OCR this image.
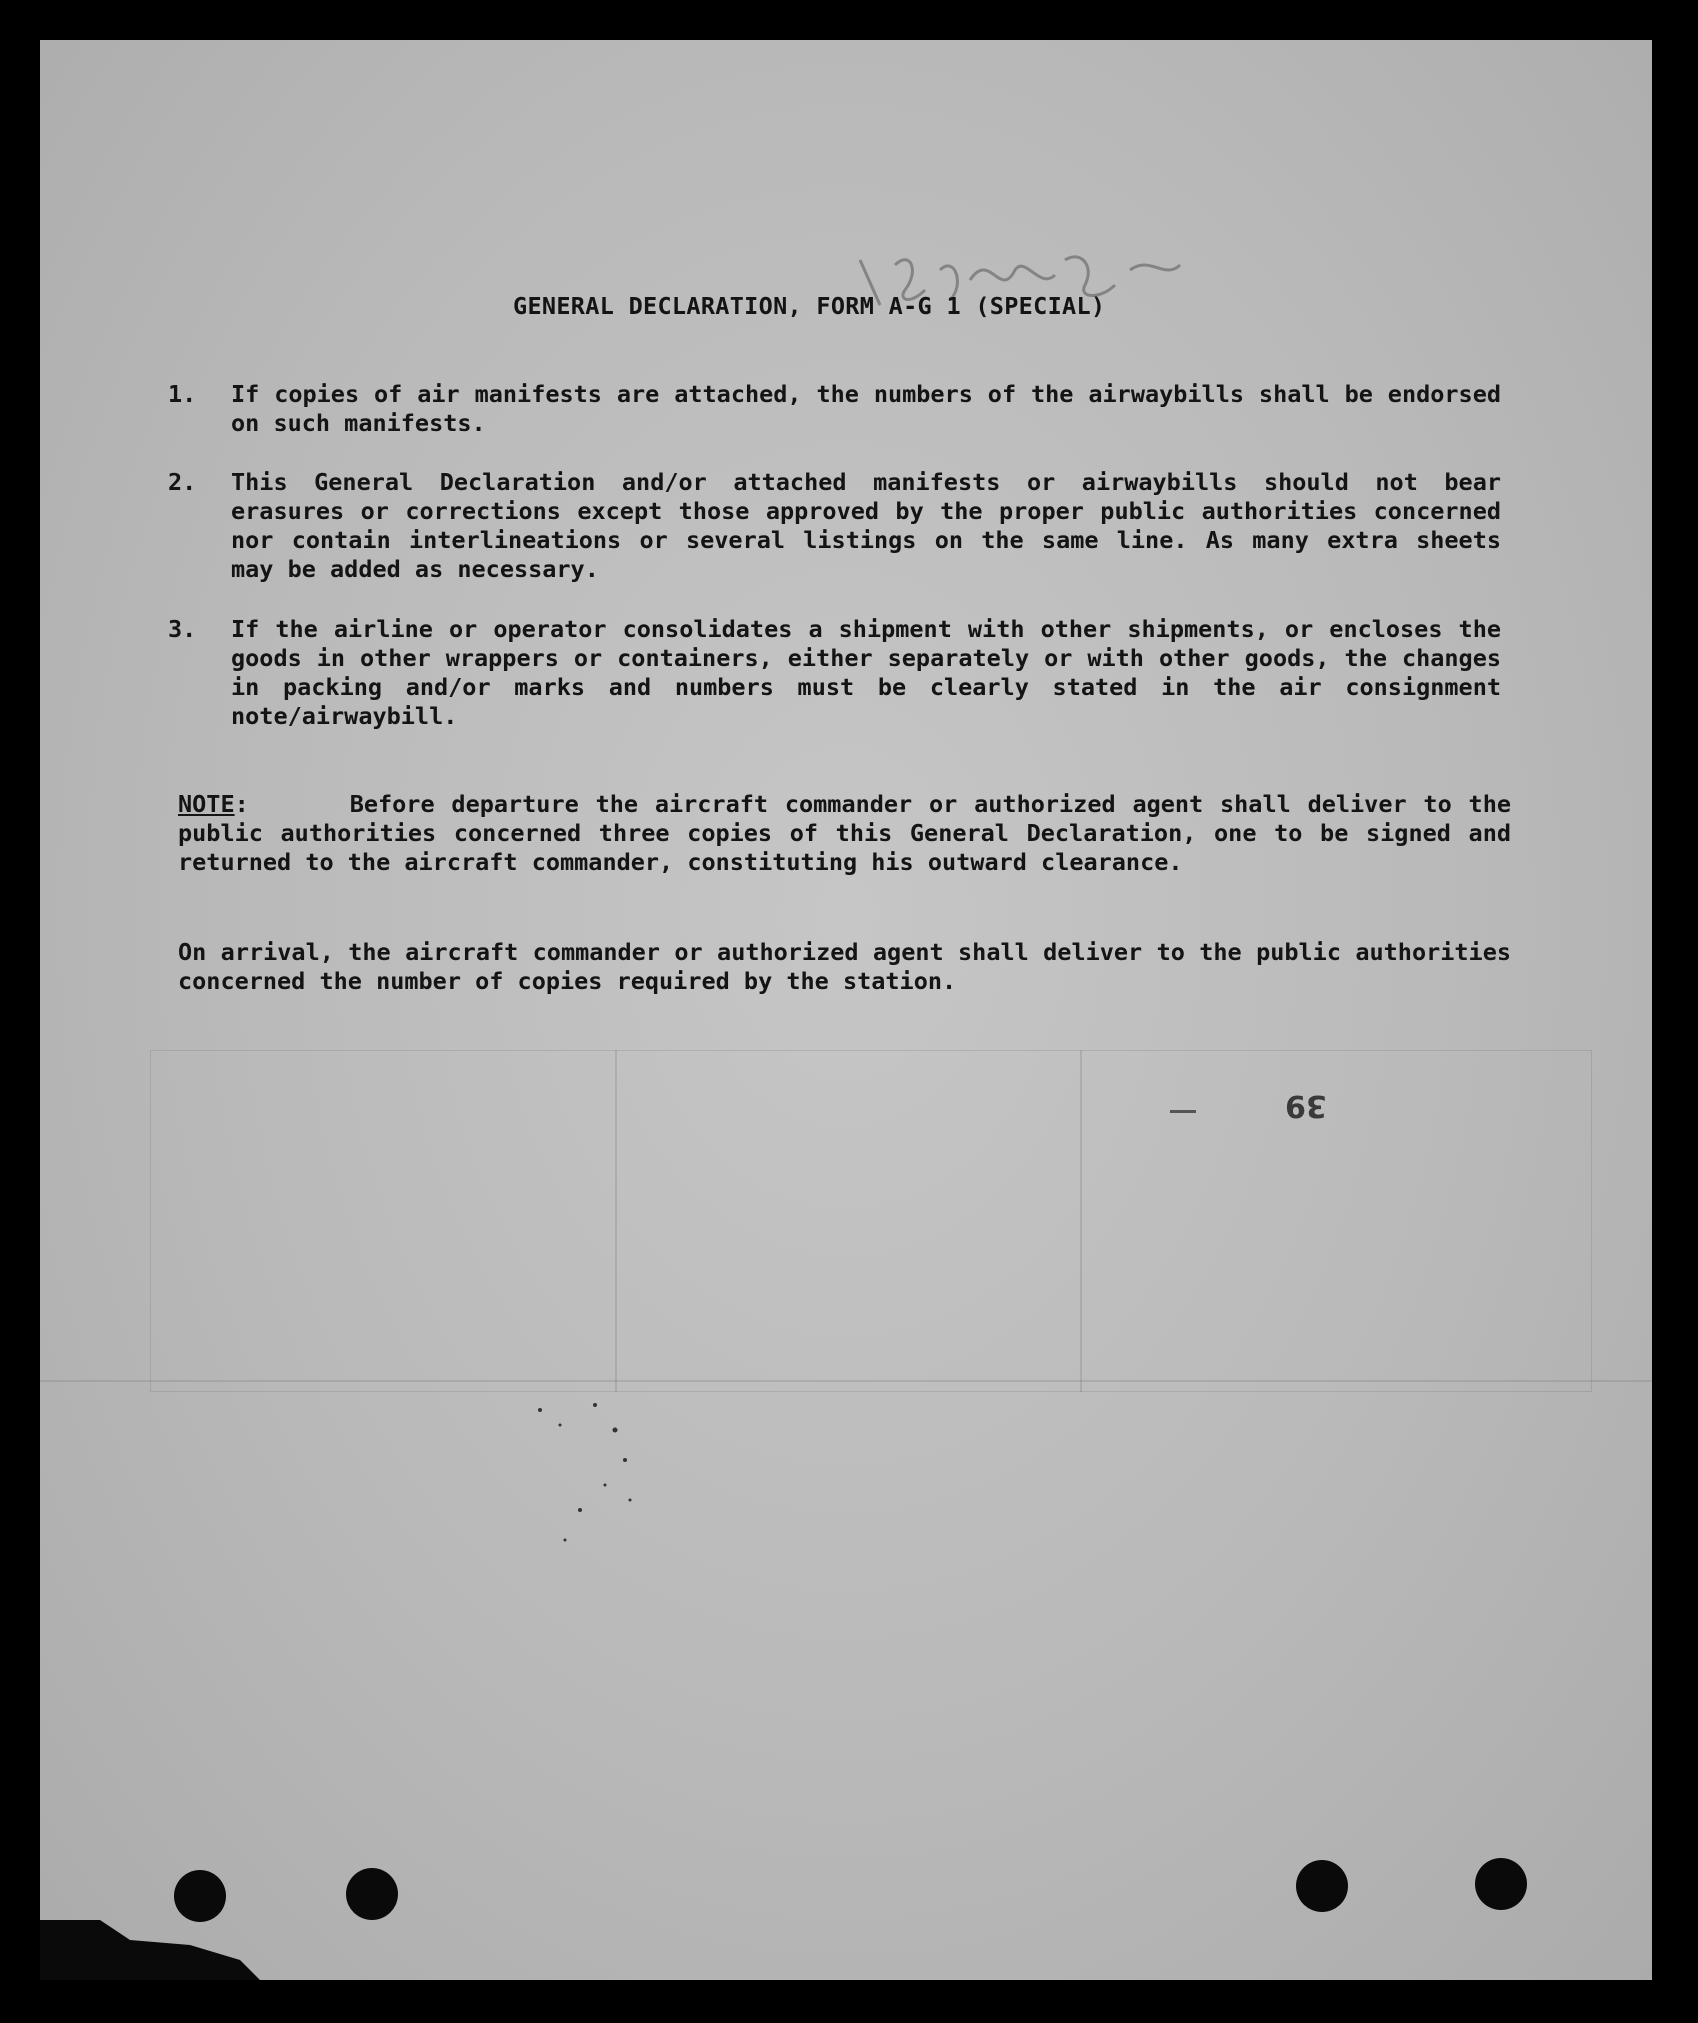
GENERAL DECLARATION, FORM A-G 1 (SPECIAL)
1.	If copies of air manifests are attached, the numbers of the airwaybills shall be endorsed on such manifests.
2.	This General Declaration and/or attached manifests or airwaybills should not bear erasures or corrections except those approved by the proper public authorities concerned nor contain interlineations or several listings on the same line. As many extra sheets may be added as necessary.
3.	If the airline or operator consolidates a shipment with other shipments, or encloses the goods in other wrappers or containers, either separately or with other goods, the changes in packing and/or marks and numbers must be clearly stated in the air consignment note/airwaybill.
NOTE:      Before departure the aircraft commander or authorized agent shall deliver to the public authorities concerned three copies of this General Declaration, one to be signed and returned to the aircraft commander, constituting his outward clearance.
On arrival, the aircraft commander or authorized agent shall deliver to the public authorities concerned the number of copies required by the station.
39
